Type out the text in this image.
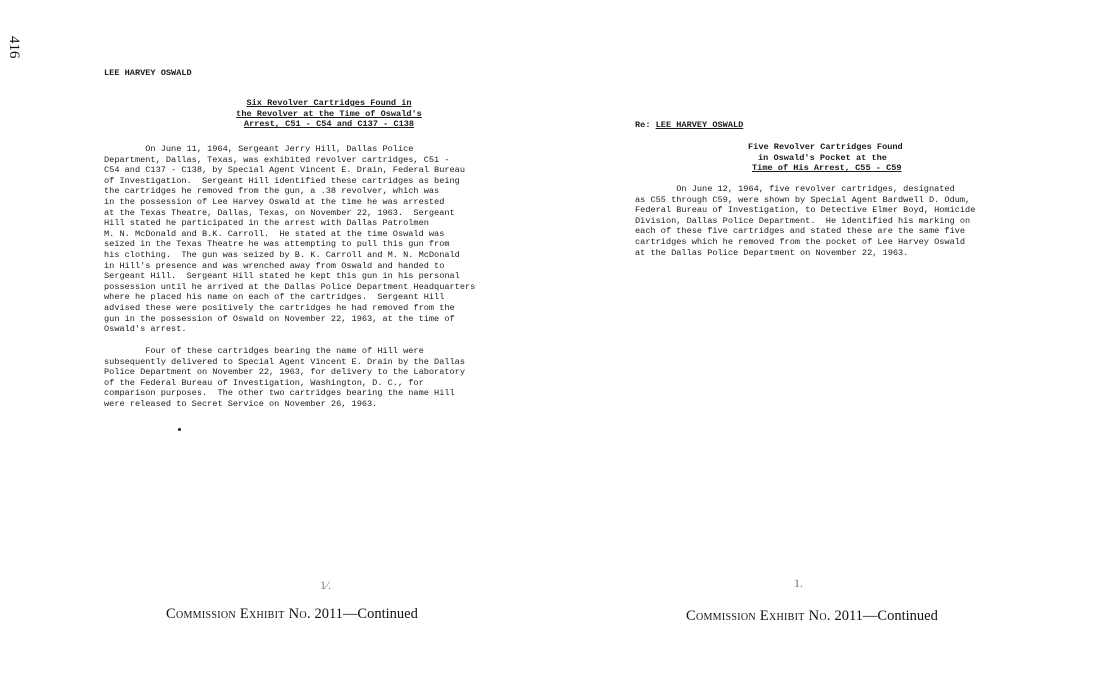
416
LEE HARVEY OSWALD
Six Revolver Cartridges Found in
the Revolver at the Time of Oswald's
Arrest, C51 - C54 and C137 - C138
On June 11, 1964, Sergeant Jerry Hill, Dallas Police
Department, Dallas, Texas, was exhibited revolver cartridges, C51 -
C54 and C137 - C138, by Special Agent Vincent E. Drain, Federal Bureau
of Investigation.  Sergeant Hill identified these cartridges as being
the cartridges he removed from the gun, a .38 revolver, which was
in the possession of Lee Harvey Oswald at the time he was arrested
at the Texas Theatre, Dallas, Texas, on November 22, 1963.  Sergeant
Hill stated he participated in the arrest with Dallas Patrolmen
M. N. McDonald and B.K. Carroll.  He stated at the time Oswald was
seized in the Texas Theatre he was attempting to pull this gun from
his clothing.  The gun was seized by B. K. Carroll and M. N. McDonald
in Hill's presence and was wrenched away from Oswald and handed to
Sergeant Hill.  Sergeant Hill stated he kept this gun in his personal
possession until he arrived at the Dallas Police Department Headquarters
where he placed his name on each of the cartridges.  Sergeant Hill
advised these were positively the cartridges he had removed from the
gun in the possession of Oswald on November 22, 1963, at the time of
Oswald's arrest.
Four of these cartridges bearing the name of Hill were
subsequently delivered to Special Agent Vincent E. Drain by the Dallas
Police Department on November 22, 1963, for delivery to the Laboratory
of the Federal Bureau of Investigation, Washington, D. C., for
comparison purposes.  The other two cartridges bearing the name Hill
were released to Secret Service on November 26, 1963.
1⁄.
Commission Exhibit No. 2011—Continued
Re: LEE HARVEY OSWALD
Five Revolver Cartridges Found
in Oswald's Pocket at the
Time of His Arrest, C55 - C59
On June 12, 1964, five revolver cartridges, designated
as C55 through C59, were shown by Special Agent Bardwell D. Odum,
Federal Bureau of Investigation, to Detective Elmer Boyd, Homicide
Division, Dallas Police Department.  He identified his marking on
each of these five cartridges and stated these are the same five
cartridges which he removed from the pocket of Lee Harvey Oswald
at the Dallas Police Department on November 22, 1963.
1.
Commission Exhibit No. 2011—Continued
